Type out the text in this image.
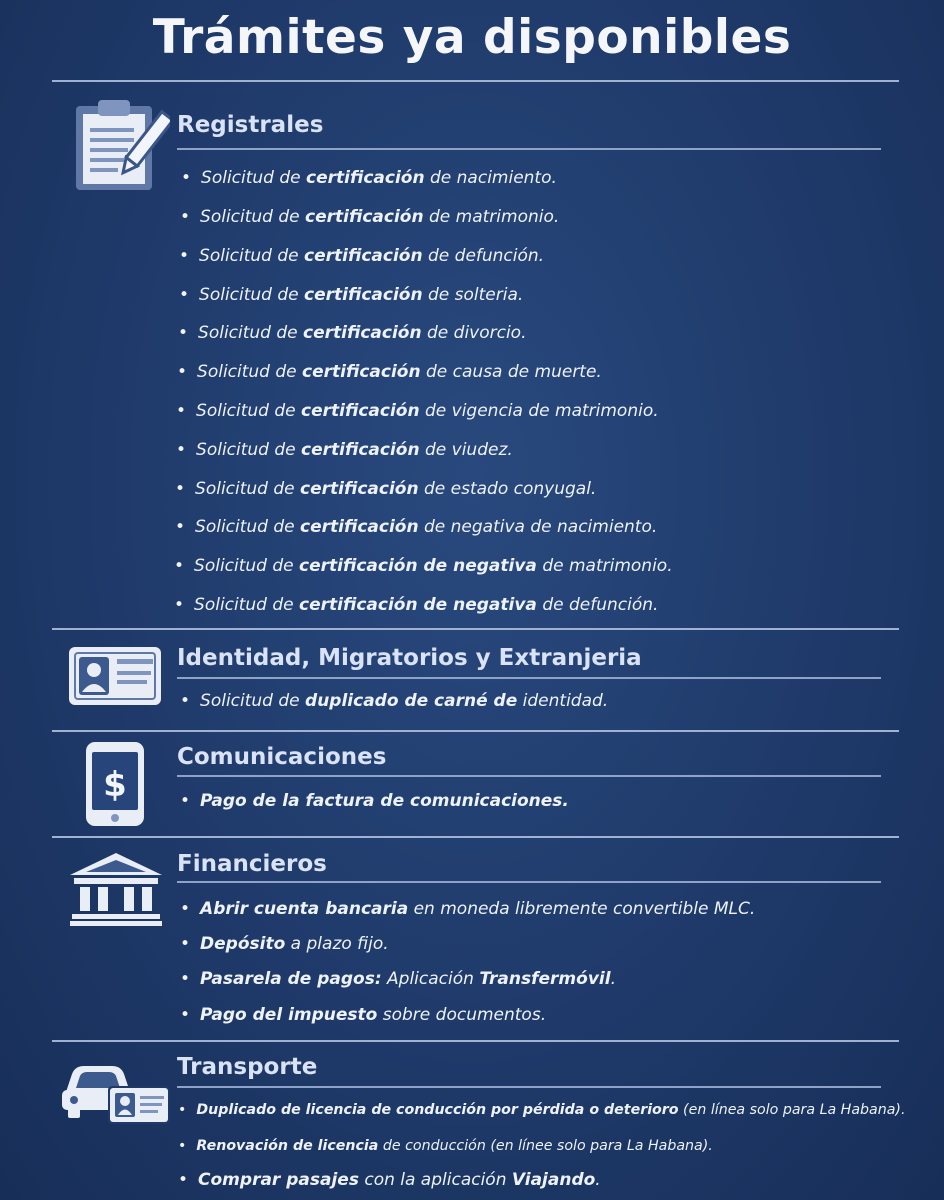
Trámites ya disponibles
Registrales
Identidad, Migratorios y Extranjeria
$
Comunicaciones
Financieros
Transporte
• Solicitud de certificación de nacimiento.
• Solicitud de certificación de matrimonio.
• Solicitud de certificación de defunción.
• Solicitud de certificación de solteria.
• Solicitud de certificación de divorcio.
• Solicitud de certificación de causa de muerte.
• Solicitud de certificación de vigencia de matrimonio.
• Solicitud de certificación de viudez.
• Solicitud de certificación de estado conyugal.
• Solicitud de certificación de negativa de nacimiento.
• Solicitud de certificación de negativa de matrimonio.
• Solicitud de certificación de negativa de defunción.
• Solicitud de duplicado de carné de identidad.
• Pago de la factura de comunicaciones.
• Abrir cuenta bancaria en moneda libremente convertible MLC.
• Depósito a plazo fijo.
• Pasarela de pagos: Aplicación Transfermóvil.
• Pago del impuesto sobre documentos.
• Duplicado de licencia de conducción por pérdida o deterioro (en línea solo para La Habana).
• Renovación de licencia de conducción (en línee solo para La Habana).
• Comprar pasajes con la aplicación Viajando.
